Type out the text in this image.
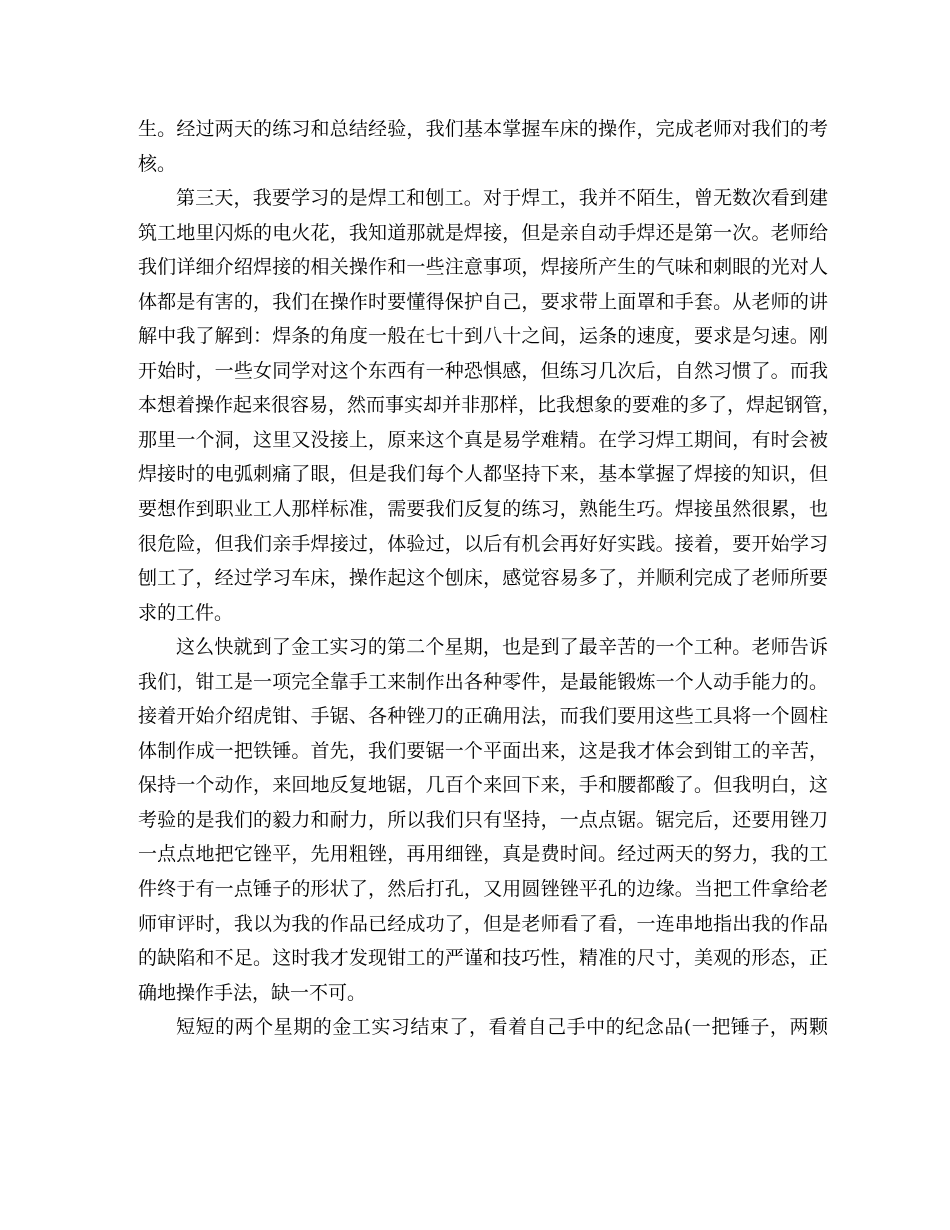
生。经过两天的练习和总结经验，我们基本掌握车床的操作，完成老师对我们的考
核。
第三天，我要学习的是焊工和刨工。对于焊工，我并不陌生，曾无数次看到建
筑工地里闪烁的电火花，我知道那就是焊接，但是亲自动手焊还是第一次。老师给
我们详细介绍焊接的相关操作和一些注意事项，焊接所产生的气味和刺眼的光对人
体都是有害的，我们在操作时要懂得保护自己，要求带上面罩和手套。从老师的讲
解中我了解到：焊条的角度一般在七十到八十之间，运条的速度，要求是匀速。刚
开始时，一些女同学对这个东西有一种恐惧感，但练习几次后，自然习惯了。而我
本想着操作起来很容易，然而事实却并非那样，比我想象的要难的多了，焊起钢管，
那里一个洞，这里又没接上，原来这个真是易学难精。在学习焊工期间，有时会被
焊接时的电弧刺痛了眼，但是我们每个人都坚持下来，基本掌握了焊接的知识，但
要想作到职业工人那样标准，需要我们反复的练习，熟能生巧。焊接虽然很累，也
很危险，但我们亲手焊接过，体验过，以后有机会再好好实践。接着，要开始学习
刨工了，经过学习车床，操作起这个刨床，感觉容易多了，并顺利完成了老师所要
求的工件。
这么快就到了金工实习的第二个星期，也是到了最辛苦的一个工种。老师告诉
我们，钳工是一项完全靠手工来制作出各种零件，是最能锻炼一个人动手能力的。
接着开始介绍虎钳、手锯、各种锉刀的正确用法，而我们要用这些工具将一个圆柱
体制作成一把铁锤。首先，我们要锯一个平面出来，这是我才体会到钳工的辛苦，
保持一个动作，来回地反复地锯，几百个来回下来，手和腰都酸了。但我明白，这
考验的是我们的毅力和耐力，所以我们只有坚持，一点点锯。锯完后，还要用锉刀
一点点地把它锉平，先用粗锉，再用细锉，真是费时间。经过两天的努力，我的工
件终于有一点锤子的形状了，然后打孔，又用圆锉锉平孔的边缘。当把工件拿给老
师审评时，我以为我的作品已经成功了，但是老师看了看，一连串地指出我的作品
的缺陷和不足。这时我才发现钳工的严谨和技巧性，精准的尺寸，美观的形态，正
确地操作手法，缺一不可。
短短的两个星期的金工实习结束了，看着自己手中的纪念品(一把锤子，两颗
